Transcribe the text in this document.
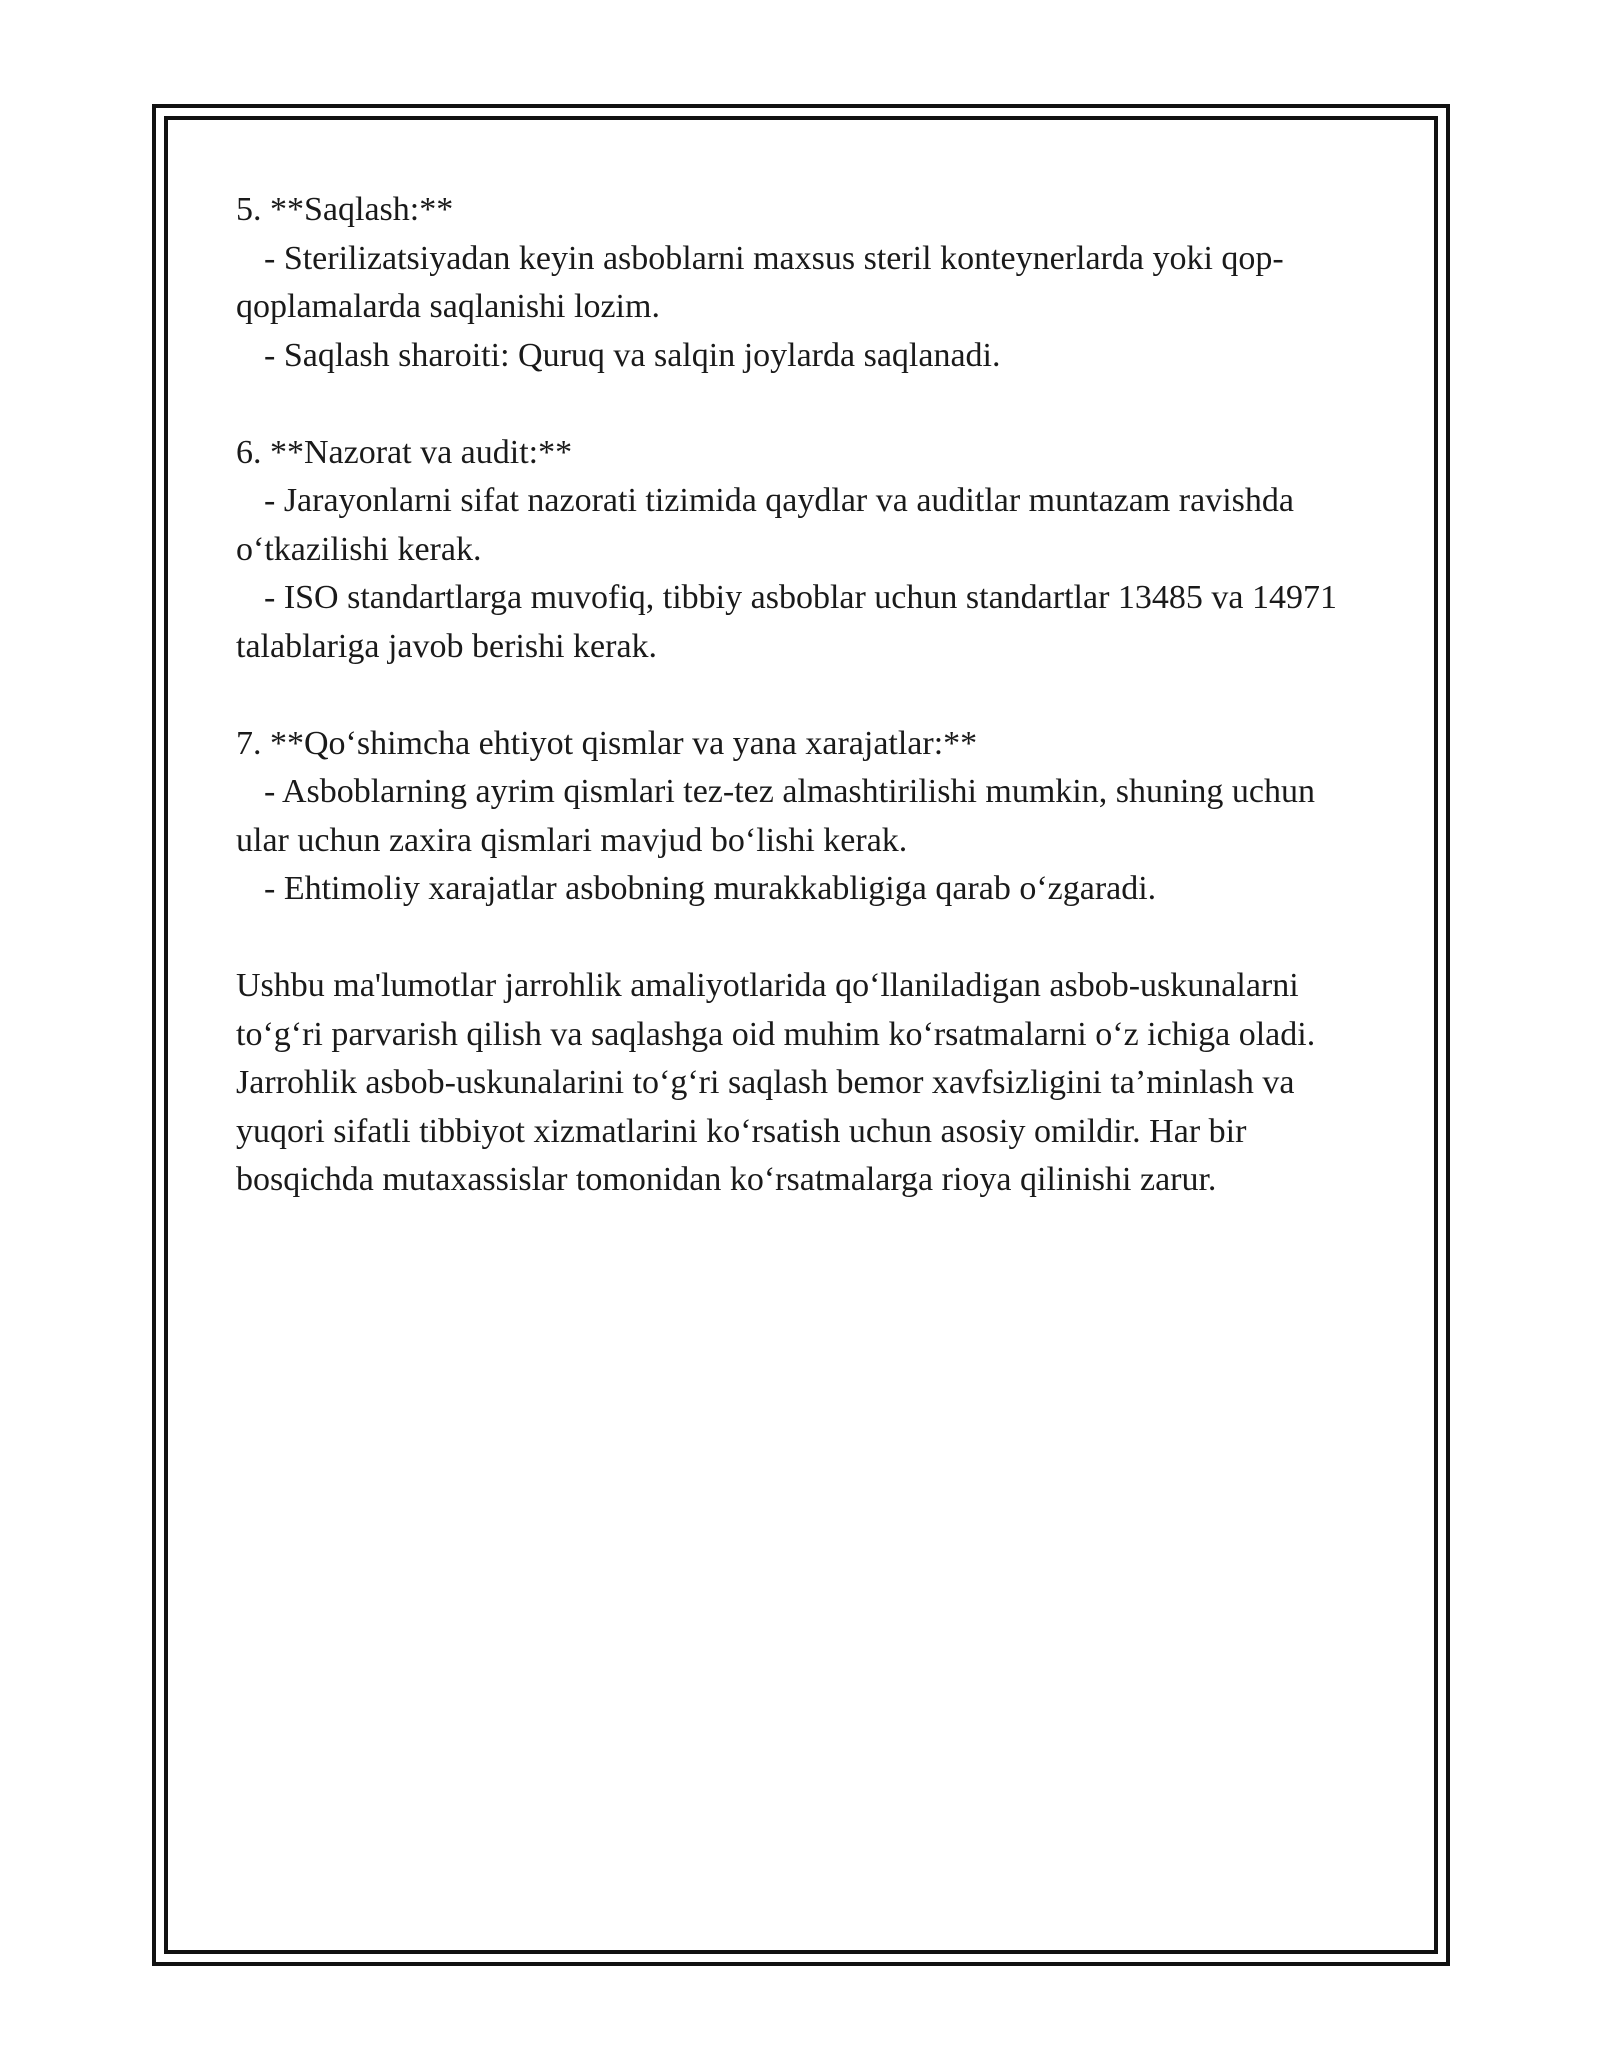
5. **Saqlash:**
- Sterilizatsiyadan keyin asboblarni maxsus steril konteynerlarda yoki qop-qoplamalarda saqlanishi lozim.
- Saqlash sharoiti: Quruq va salqin joylarda saqlanadi.
6. **Nazorat va audit:**
- Jarayonlarni sifat nazorati tizimida qaydlar va auditlar muntazam ravishda o‘tkazilishi kerak.
- ISO standartlarga muvofiq, tibbiy asboblar uchun standartlar 13485 va 14971 talablariga javob berishi kerak.
7. **Qo‘shimcha ehtiyot qismlar va yana xarajatlar:**
- Asboblarning ayrim qismlari tez-tez almashtirilishi mumkin, shuning uchun ular uchun zaxira qismlari mavjud bo‘lishi kerak.
- Ehtimoliy xarajatlar asbobning murakkabligiga qarab o‘zgaradi.

Ushbu ma'lumotlar jarrohlik amaliyotlarida qo‘llaniladigan asbob-uskunalarni to‘g‘ri parvarish qilish va saqlashga oid muhim ko‘rsatmalarni o‘z ichiga oladi. Jarrohlik asbob-uskunalarini to‘g‘ri saqlash bemor xavfsizligini ta’minlash va yuqori sifatli tibbiyot xizmatlarini ko‘rsatish uchun asosiy omildir. Har bir bosqichda mutaxassislar tomonidan ko‘rsatmalarga rioya qilinishi zarur.
